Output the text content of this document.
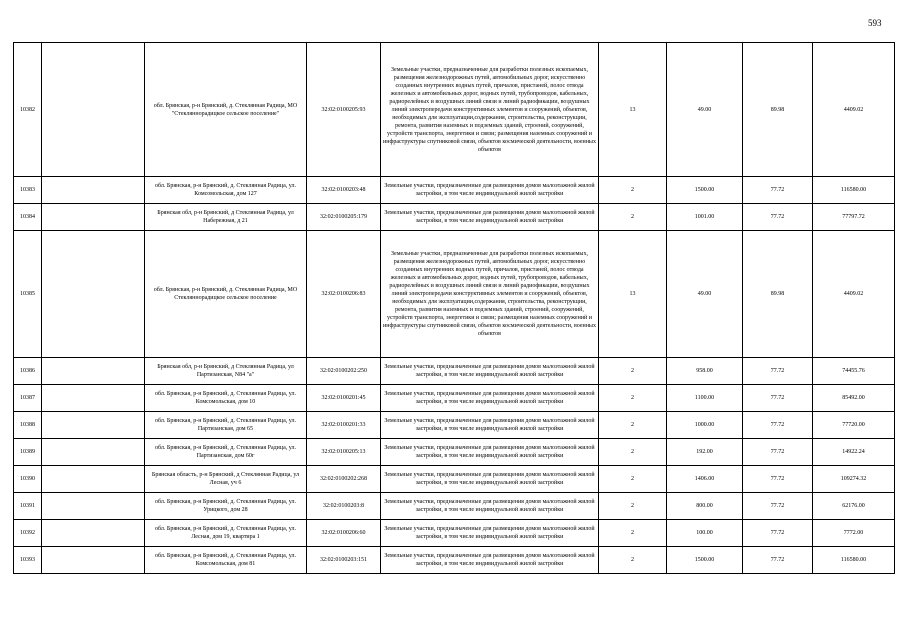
593
10382		обл. Брянская, р-н Брянский, д. Стеклянная Радица, МО "Стекляннорадицкое сельское поселение"	32:02:0100205:93	Земельные участки, предназначенные для разработки полезных ископаемых, размещения железнодорожных путей, автомобильных дорог, искусственно созданных внутренних водных путей, причалов, пристаней, полос отвода железных и автомобильных дорог, водных путей, трубопроводов, кабельных, радиорелейных и воздушных линий связи и линий радиофикации, воздушных линий электропередачи конструктивных элементов и сооружений, объектов, необходимых для эксплуатации,содержания, строительства, реконструкции, ремонта, развития наземных и подземных зданий, строений, сооружений, устройств транспорта, энергетики и связи; размещения наземных сооружений и инфраструктуры спутниковой связи, объектов космической деятельности, военных объектов	13	49.00	89.98	4409.02
10383		обл. Брянская, р-н Брянский, д. Стеклянная Радица, ул. Комсомольская, дом 127	32:02:0100203:48	Земельные участки, предназначенные для размещения домов малоэтажной жилой застройки, в том числе индивидуальной жилой застройки	2	1500.00	77.72	116580.00
10384		Брянская обл, р-н Брянский, д Стеклянная Радица, ул Набережная, д 21	32:02:0100205:179	Земельные участки, предназначенные для размещения домов малоэтажной жилой застройки, в том числе индивидуальной жилой застройки	2	1001.00	77.72	77797.72
10385		обл. Брянская, р-н Брянский, д. Стеклянная Радица, МО Стекляннорадицкое сельское поселение	32:02:0100206:83	Земельные участки, предназначенные для разработки полезных ископаемых, размещения железнодорожных путей, автомобильных дорог, искусственно созданных внутренних водных путей, причалов, пристаней, полос отвода железных и автомобильных дорог, водных путей, трубопроводов, кабельных, радиорелейных и воздушных линий связи и линий радиофикации, воздушных линий электропередачи конструктивных элементов и сооружений, объектов, необходимых для эксплуатации,содержания, строительства, реконструкции, ремонта, развития наземных и подземных зданий, строений, сооружений, устройств транспорта, энергетики и связи; размещения наземных сооружений и инфраструктуры спутниковой связи, объектов космической деятельности, военных объектов	13	49.00	89.98	4409.02
10386		Брянская обл, р-н Брянский, д Стеклянная Радица, ул Партизанская, N84 "а"	32:02:0100202:250	Земельные участки, предназначенные для размещения домов малоэтажной жилой застройки, в том числе индивидуальной жилой застройки	2	958.00	77.72	74455.76
10387		обл. Брянская, р-н Брянский, д. Стеклянная Радица, ул. Комсомольская, дом 10	32:02:0100201:45	Земельные участки, предназначенные для размещения домов малоэтажной жилой застройки, в том числе индивидуальной жилой застройки	2	1100.00	77.72	85492.00
10388		обл. Брянская, р-н Брянский, д. Стеклянная Радица, ул. Партизанская, дом 65	32:02:0100201:33	Земельные участки, предназначенные для размещения домов малоэтажной жилой застройки, в том числе индивидуальной жилой застройки	2	1000.00	77.72	77720.00
10389		обл. Брянская, р-н Брянский, д. Стеклянная Радица, ул. Партизанская, дом 60г	32:02:0100205:13	Земельные участки, предназначенные для размещения домов малоэтажной жилой застройки, в том числе индивидуальной жилой застройки	2	192.00	77.72	14922.24
10390		Брянская область, р-н Брянский, д Стеклянная Радица, ул Лесная, уч 6	32:02:0100202:268	Земельные участки, предназначенные для размещения домов малоэтажной жилой застройки, в том числе индивидуальной жилой застройки	2	1406.00	77.72	109274.32
10391		обл. Брянская, р-н Брянский, д. Стеклянная Радица, ул. Урицкого, дом 28	32:02:0100203:8	Земельные участки, предназначенные для размещения домов малоэтажной жилой застройки, в том числе индивидуальной жилой застройки	2	800.00	77.72	62176.00
10392		обл. Брянская, р-н Брянский, д. Стеклянная Радица, ул. Лесная, дом 19, квартира 1	32:02:0100206:60	Земельные участки, предназначенные для размещения домов малоэтажной жилой застройки, в том числе индивидуальной жилой застройки	2	100.00	77.72	7772.00
10393		обл. Брянская, р-н Брянский, д. Стеклянная Радица, ул. Комсомольская, дом 81	32:02:0100203:151	Земельные участки, предназначенные для размещения домов малоэтажной жилой застройки, в том числе индивидуальной жилой застройки	2	1500.00	77.72	116580.00
